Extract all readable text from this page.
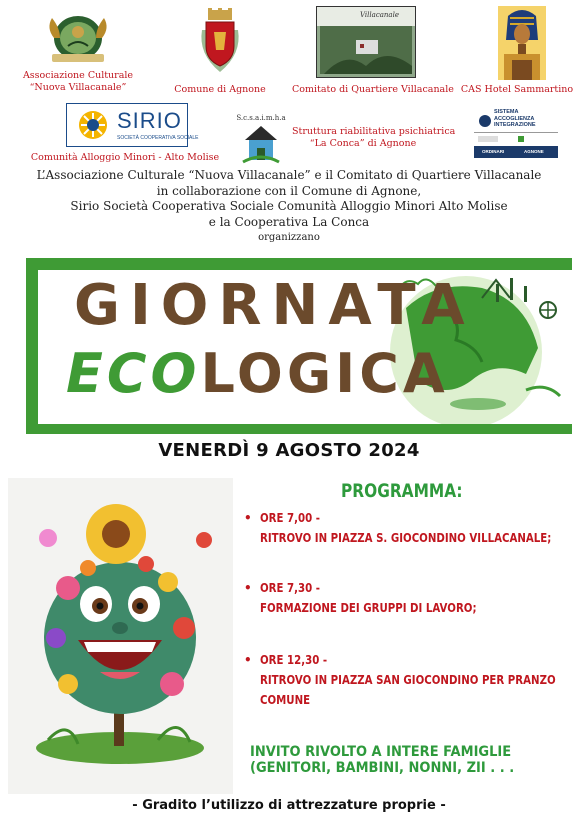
Associazione Culturale
“Nuova Villacanale”	Comune di Agnone
Villacanale
Comitato di Quartiere Villacanale CAS Hotel Sammartino
SIRIO
SOCIETÀ COOPERATIVA SOCIALE
Comunità Alloggio Minori - Alto Molise
S.c.s.a.i.m.h.a
Struttura riabilitativa psichiatrica
“La Conca” di Agnone
SISTEMA
ACCOGLIENZA
INTEGRAZIONE
ORDINARI	AGNONE
L’Associazione Culturale “Nuova Villacanale” e il Comitato di Quartiere Villacanale
in collaborazione con il Comune di Agnone,
Sirio Società Cooperativa Sociale Comunità Alloggio Minori Alto Molise
e la Cooperativa La Conca
organizzano
GIORNATA
ECOLOGICA
VENERDÌ 9 AGOSTO 2024
PROGRAMMA:
• ORE 7,00 -
RITROVO IN PIAZZA S. GIOCONDINO VILLACANALE;
• ORE 7,30 -
FORMAZIONE DEI GRUPPI DI LAVORO;
• ORE 12,30 -
RITROVO IN PIAZZA SAN GIOCONDINO PER PRANZO
COMUNE
INVITO RIVOLTO A INTERE FAMIGLIE
(GENITORI, BAMBINI, NONNI, ZII . . .
- Gradito l’utilizzo di attrezzature proprie -
